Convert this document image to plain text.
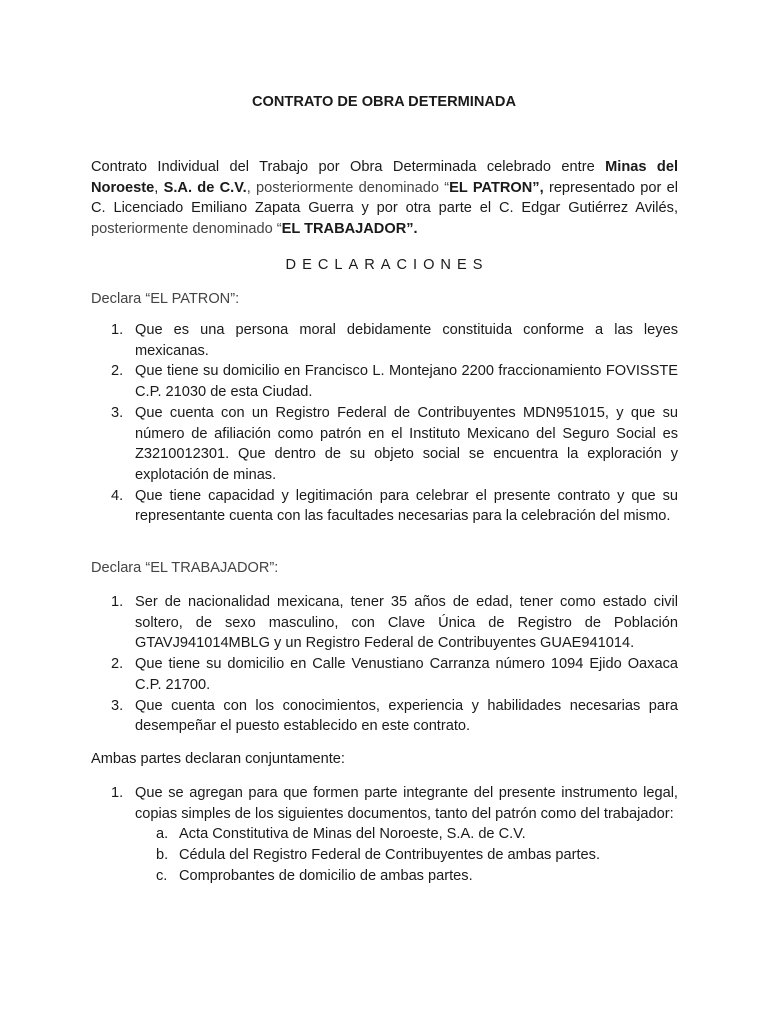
CONTRATO DE OBRA DETERMINADA

Contrato Individual del Trabajo por Obra Determinada celebrado entre Minas del Noroeste, S.A. de C.V., posteriormente denominado “EL PATRON”, representado por el C. Licenciado Emiliano Zapata Guerra y por otra parte el C. Edgar Gutiérrez Avilés, posteriormente denominado “EL TRABAJADOR”.

DECLARACIONES

Declara “EL PATRON”:

1. Que es una persona moral debidamente constituida conforme a las leyes mexicanas.
2. Que tiene su domicilio en Francisco L. Montejano 2200 fraccionamiento FOVISSTE C.P. 21030 de esta Ciudad.
3. Que cuenta con un Registro Federal de Contribuyentes MDN951015, y que su número de afiliación como patrón en el Instituto Mexicano del Seguro Social es Z3210012301. Que dentro de su objeto social se encuentra la exploración y explotación de minas.
4. Que tiene capacidad y legitimación para celebrar el presente contrato y que su representante cuenta con las facultades necesarias para la celebración del mismo.

Declara “EL TRABAJADOR”:

1. Ser de nacionalidad mexicana, tener 35 años de edad, tener como estado civil soltero, de sexo masculino, con Clave Única de Registro de Población GTAVJ941014MBLG y un Registro Federal de Contribuyentes GUAE941014.
2. Que tiene su domicilio en Calle Venustiano Carranza número 1094 Ejido Oaxaca C.P. 21700.
3. Que cuenta con los conocimientos, experiencia y habilidades necesarias para desempeñar el puesto establecido en este contrato.

Ambas partes declaran conjuntamente:

1. Que se agregan para que formen parte integrante del presente instrumento legal, copias simples de los siguientes documentos, tanto del patrón como del trabajador:
a. Acta Constitutiva de Minas del Noroeste, S.A. de C.V.
b. Cédula del Registro Federal de Contribuyentes de ambas partes.
c. Comprobantes de domicilio de ambas partes.
